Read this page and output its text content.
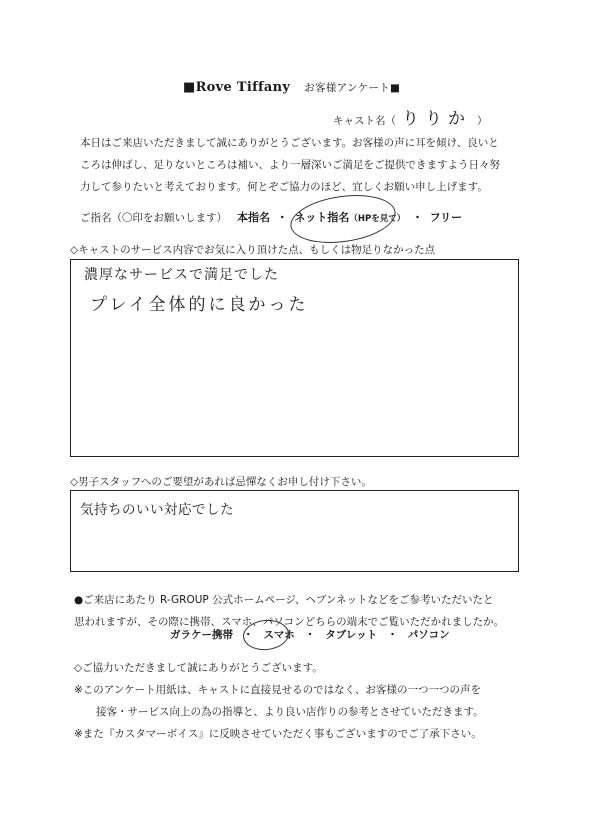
■Rove Tiffany お客様アンケート■
キャスト名（ りりか ）
本日はご来店いただきまして誠にありがとうございます。お客様の声に耳を傾け、良いと
ころは伸ばし、足りないところは補い、より一層深いご満足をご提供できますよう日々努
力して参りたいと考えております。何とぞご協力のほど、宜しくお願い申し上げます。
ご指名（〇印をお願いします） 本指名 ・ ネット指名（HPを見て） ・ フリー
◇キャストのサービス内容でお気に入り頂けた点、もしくは物足りなかった点
濃厚なサービスで満足でした
プレイ全体的に良かった
◇男子スタッフへのご要望があれば忌憚なくお申し付け下さい。
気持ちのいい対応でした
●ご来店にあたり R-GROUP 公式ホームページ、ヘブンネットなどをご参考いただいたと
思われますが、その際に携帯、スマホ、パソコンどちらの端末でご覧いただかれましたか。
ガラケー携帯 ・ スマホ ・ タブレット ・ パソコン
◇ご協力いただきまして誠にありがとうございます。
※このアンケート用紙は、キャストに直接見せるのではなく、お客様の一つ一つの声を
接客・サービス向上の為の指導と、より良い店作りの参考とさせていただきます。
※また『カスタマーボイス』に反映させていただく事もございますのでご了承下さい。
